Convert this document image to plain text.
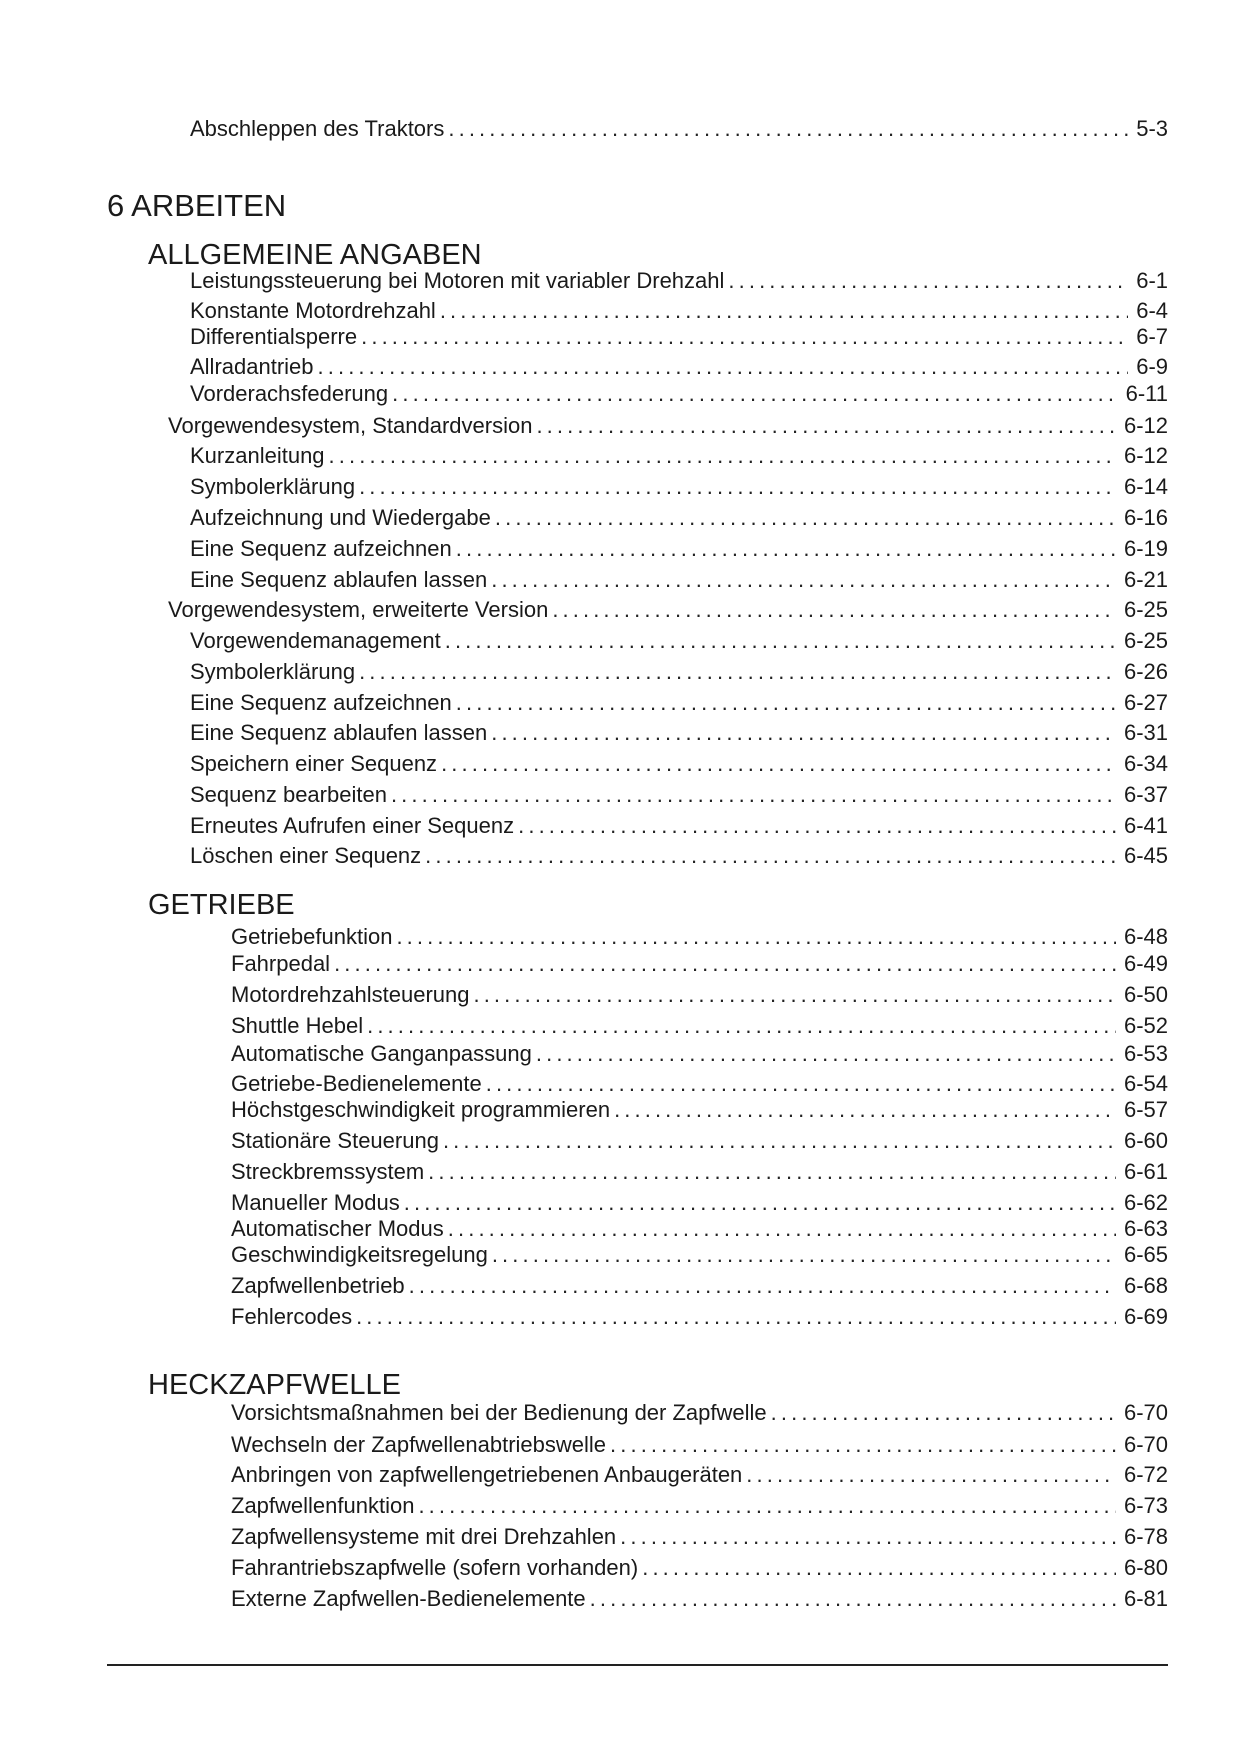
Abschleppen des Traktors . . .	5-3
6 ARBEITEN
ALLGEMEINE ANGABEN
Leistungssteuerung bei Motoren mit variabler Drehzahl . . .	6-1
Konstante Motordrehzahl . . .	6-4
Differentialsperre . . .	6-7
Allradantrieb . . .	6-9
Vorderachsfederung . . .	6-11
Vorgewendesystem, Standardversion . . .	6-12
Kurzanleitung . . .	6-12
Symbolerklärung . . .	6-14
Aufzeichnung und Wiedergabe . . .	6-16
Eine Sequenz aufzeichnen . . .	6-19
Eine Sequenz ablaufen lassen . . .	6-21
Vorgewendesystem, erweiterte Version . . .	6-25
Vorgewendemanagement . . .	6-25
Symbolerklärung . . .	6-26
Eine Sequenz aufzeichnen . . .	6-27
Eine Sequenz ablaufen lassen . . .	6-31
Speichern einer Sequenz . . .	6-34
Sequenz bearbeiten . . .	6-37
Erneutes Aufrufen einer Sequenz . . .	6-41
Löschen einer Sequenz . . .	6-45
GETRIEBE
Getriebefunktion . . .	6-48
Fahrpedal . . .	6-49
Motordrehzahlsteuerung . . .	6-50
Shuttle Hebel . . .	6-52
Automatische Ganganpassung . . .	6-53
Getriebe-Bedienelemente . . .	6-54
Höchstgeschwindigkeit programmieren . . .	6-57
Stationäre Steuerung . . .	6-60
Streckbremssystem . . .	6-61
Manueller Modus . . .	6-62
Automatischer Modus . . .	6-63
Geschwindigkeitsregelung . . .	6-65
Zapfwellenbetrieb . . .	6-68
Fehlercodes . . .	6-69
HECKZAPFWELLE
Vorsichtsmaßnahmen bei der Bedienung der Zapfwelle . . .	6-70
Wechseln der Zapfwellenabtriebswelle . . .	6-70
Anbringen von zapfwellengetriebenen Anbaugeräten . . .	6-72
Zapfwellenfunktion . . .	6-73
Zapfwellensysteme mit drei Drehzahlen . . .	6-78
Fahrantriebszapfwelle (sofern vorhanden) . . .	6-80
Externe Zapfwellen-Bedienelemente . . .	6-81
